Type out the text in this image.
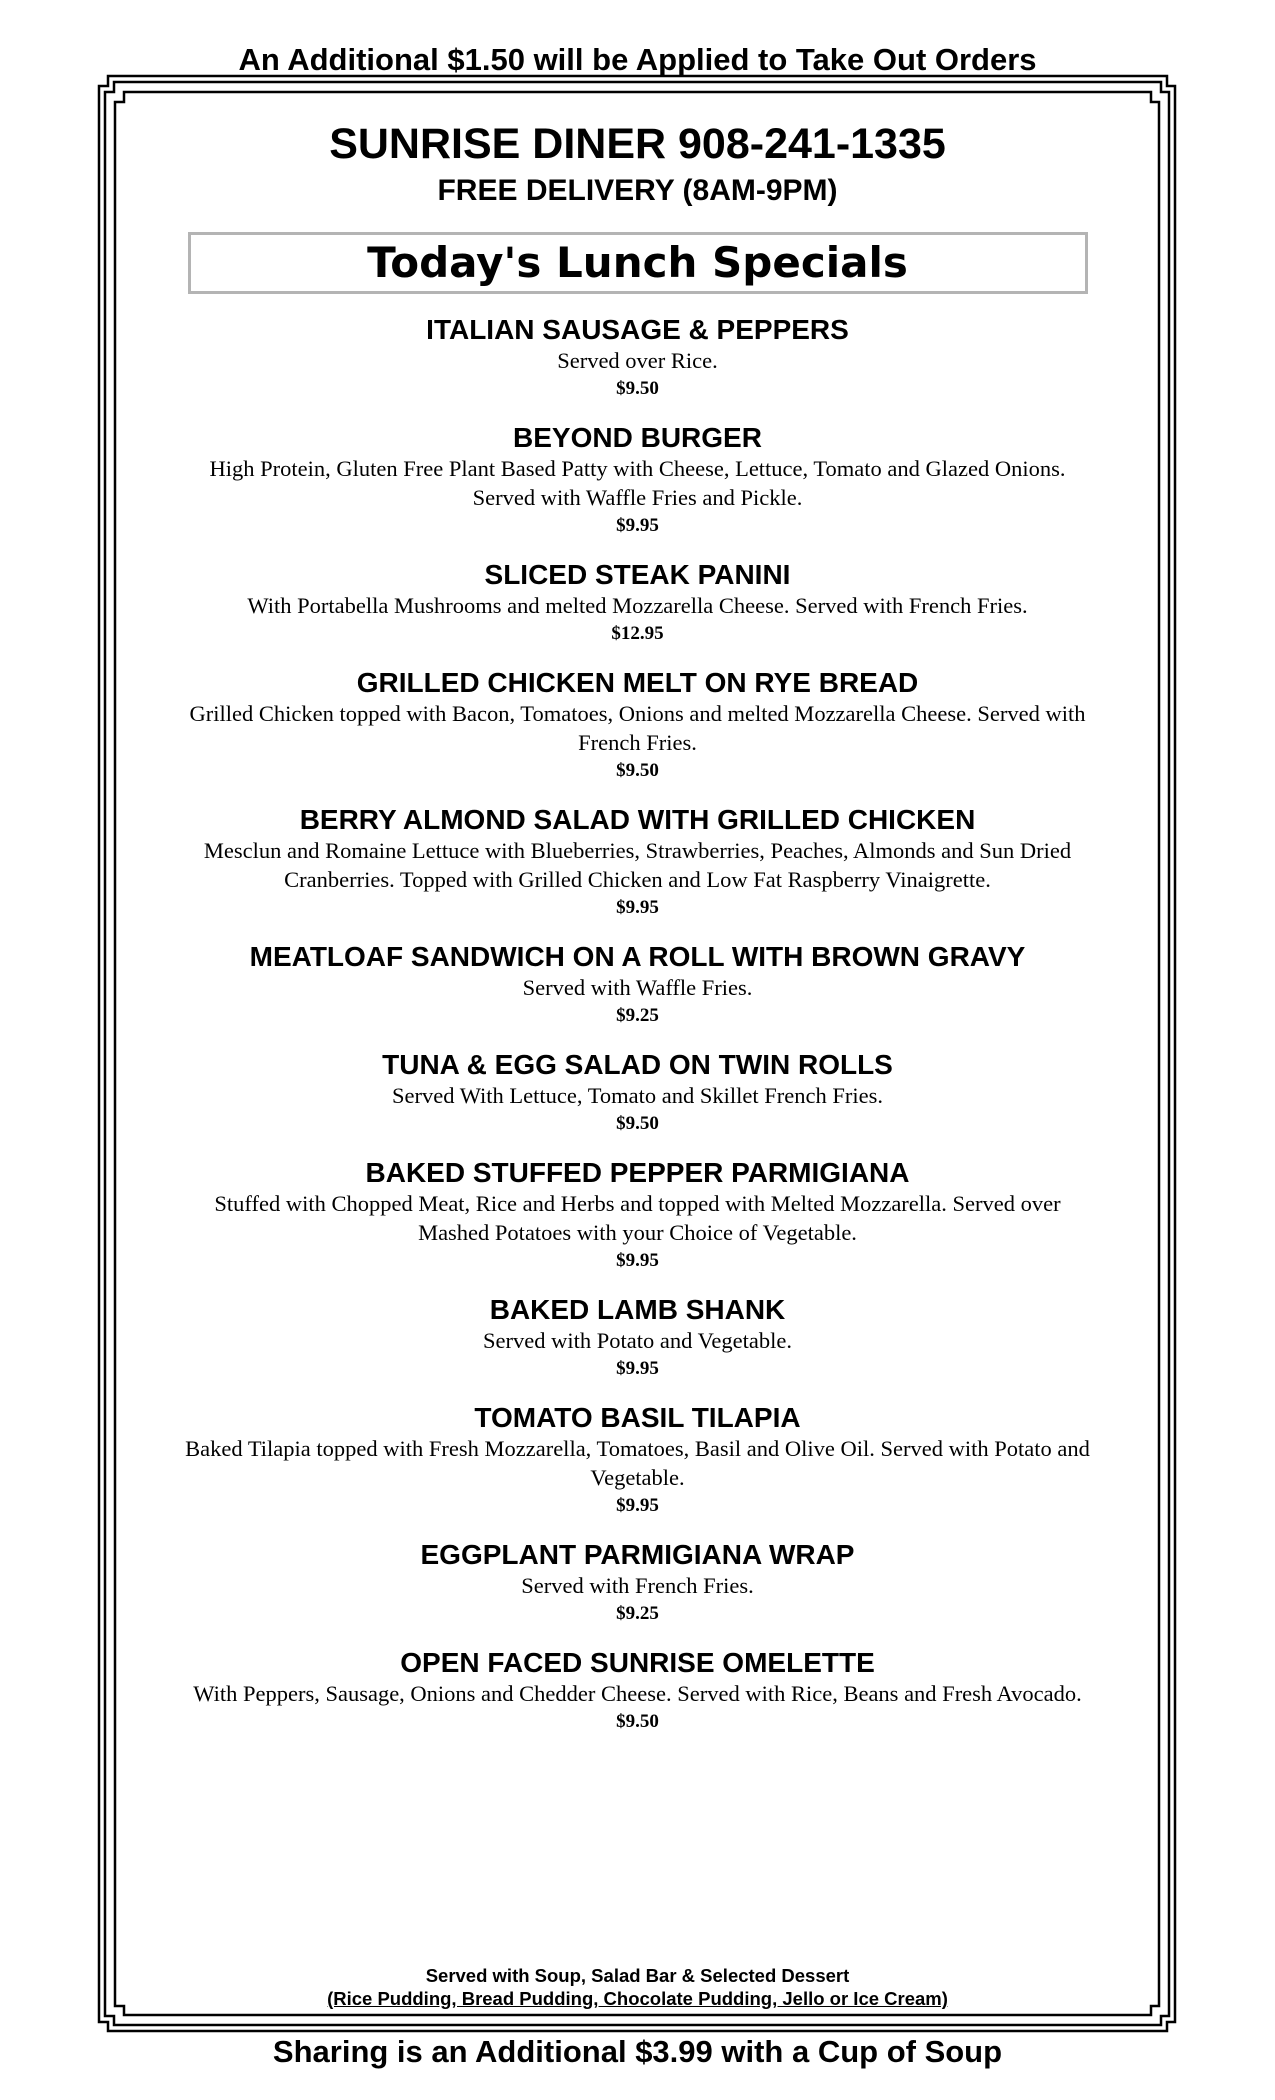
An Additional $1.50 will be Applied to Take Out Orders
SUNRISE DINER 908-241-1335
FREE DELIVERY (8AM-9PM)
Today's Lunch Specials
ITALIAN SAUSAGE & PEPPERS
Served over Rice.
$9.50
BEYOND BURGER
High Protein, Gluten Free Plant Based Patty with Cheese, Lettuce, Tomato and Glazed Onions. Served with Waffle Fries and Pickle.
$9.95
SLICED STEAK PANINI
With Portabella Mushrooms and melted Mozzarella Cheese. Served with French Fries.
$12.95
GRILLED CHICKEN MELT ON RYE BREAD
Grilled Chicken topped with Bacon, Tomatoes, Onions and melted Mozzarella Cheese. Served with French Fries.
$9.50
BERRY ALMOND SALAD WITH GRILLED CHICKEN
Mesclun and Romaine Lettuce with Blueberries, Strawberries, Peaches, Almonds and Sun Dried Cranberries. Topped with Grilled Chicken and Low Fat Raspberry Vinaigrette.
$9.95
MEATLOAF SANDWICH ON A ROLL WITH BROWN GRAVY
Served with Waffle Fries.
$9.25
TUNA & EGG SALAD ON TWIN ROLLS
Served With Lettuce, Tomato and Skillet French Fries.
$9.50
BAKED STUFFED PEPPER PARMIGIANA
Stuffed with Chopped Meat, Rice and Herbs and topped with Melted Mozzarella. Served over Mashed Potatoes with your Choice of Vegetable.
$9.95
BAKED LAMB SHANK
Served with Potato and Vegetable.
$9.95
TOMATO BASIL TILAPIA
Baked Tilapia topped with Fresh Mozzarella, Tomatoes, Basil and Olive Oil. Served with Potato and Vegetable.
$9.95
EGGPLANT PARMIGIANA WRAP
Served with French Fries.
$9.25
OPEN FACED SUNRISE OMELETTE
With Peppers, Sausage, Onions and Chedder Cheese. Served with Rice, Beans and Fresh Avocado.
$9.50
Served with Soup, Salad Bar & Selected Dessert
(Rice Pudding, Bread Pudding, Chocolate Pudding, Jello or Ice Cream)
Sharing is an Additional $3.99 with a Cup of Soup
